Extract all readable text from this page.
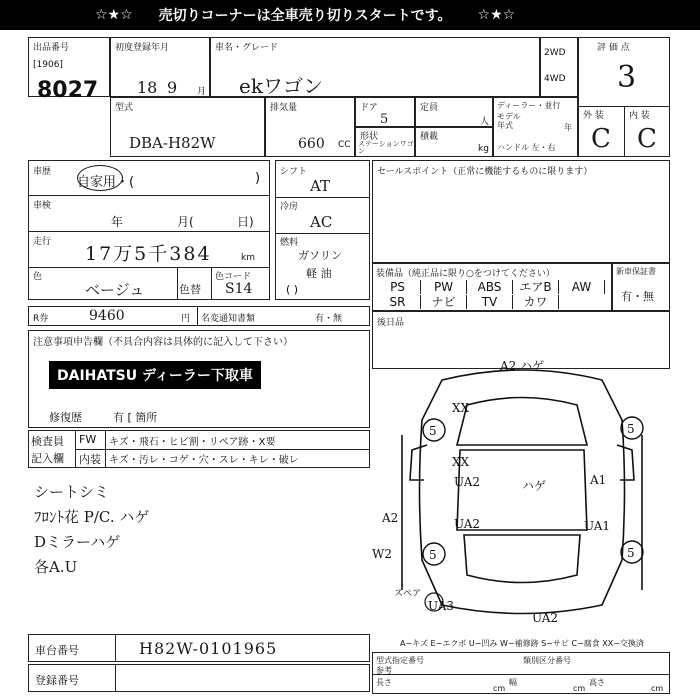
☆★☆ 売切りコーナーは全車売り切りスタートです。 ☆★☆
出品番号
[1906]
8027
初度登録年月
18 9 月
車名・グレード
ekワゴン
2WD
4WD
評 価 点
3
外 装	内 装
C C
型式
DBA-H82W
排気量
660 CC
ドア
5
定員
人
形状
ステーションワゴン
積載
kg
ディーラー・並行
モデル
年式	年
ハンドル 左・右
車歴
自家用・(	)
車検
年	月(	日)
走行
17万5千384	km
色
ベージュ	色替
色コード
S14
シフト
AT
冷房
AC
燃料
ガソリン
軽 油
( )
セールスポイント（正常に機能するものに限ります）
R券	9460	円 名変通知書類	有・無
装備品（純正品に限り○をつけてください）
PS	PW	ABS	エアB	AW
SR	ナビ	TV	カワ
新車保証書
有・無
後日品
注意事項申告欄（不具合内容は具体的に記入して下さい）
DAIHATSU ディーラー下取車
修復歴	有 [ 箇所
検査員
記入欄
FW
内装
キズ・飛石・ヒビ割・リペア跡・X要
キズ・汚レ・コゲ・穴・スレ・キレ・破レ
シートシミ
ﾌﾛﾝﾄ花 P/C. ハゲ
Dミラーハゲ
各A.U
5	5
5	5
A2.ハゲ
XX
XX
UA2	ハゲ	A1
UA2	UA1
A2
W2
UA3
UA2
スペア
A−キズ E−エクボ U−凹み W−補修跡 S−サビ C−腐食 XX−交換済
車台番号	H82W-0101965
登録番号
型式指定番号	類別区分番号
参考
長さ
cm
幅
cm
高さ
cm
